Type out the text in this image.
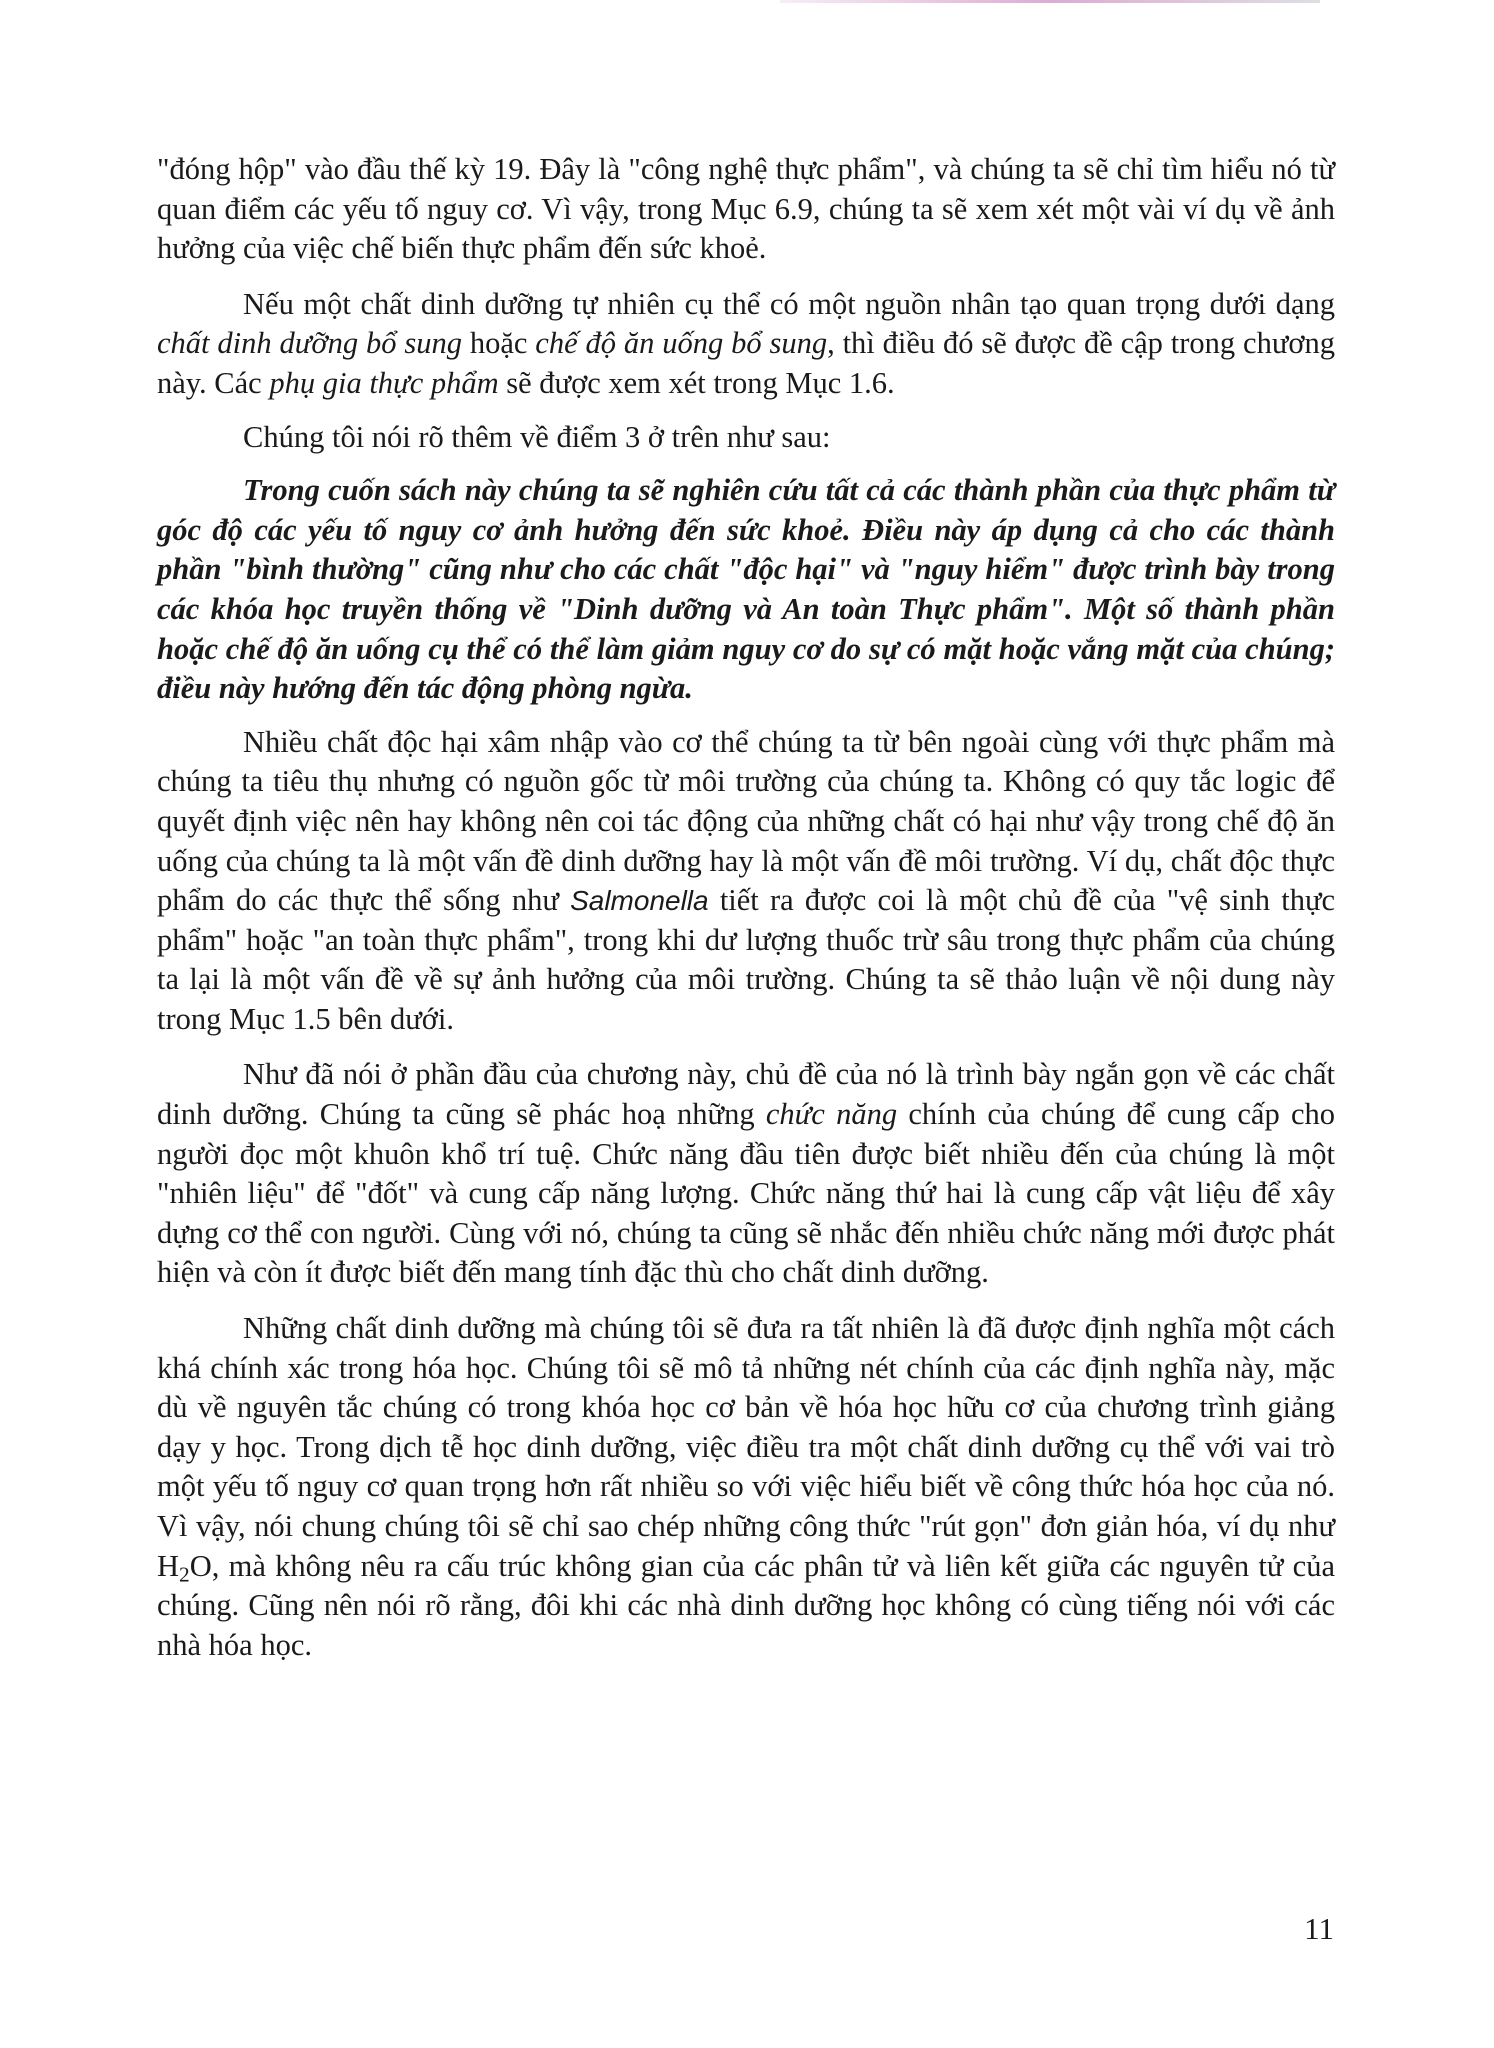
"đóng hộp" vào đầu thế kỳ 19. Đây là "công nghệ thực phẩm", và chúng ta sẽ chỉ tìm hiểu nó từ quan điểm các yếu tố nguy cơ. Vì vậy, trong Mục 6.9, chúng ta sẽ xem xét một vài ví dụ về ảnh hưởng của việc chế biến thực phẩm đến sức khoẻ.

Nếu một chất dinh dưỡng tự nhiên cụ thể có một nguồn nhân tạo quan trọng dưới dạng chất dinh dưỡng bổ sung hoặc chế độ ăn uống bổ sung, thì điều đó sẽ được đề cập trong chương này. Các phụ gia thực phẩm sẽ được xem xét trong Mục 1.6.

Chúng tôi nói rõ thêm về điểm 3 ở trên như sau:

Trong cuốn sách này chúng ta sẽ nghiên cứu tất cả các thành phần của thực phẩm từ góc độ các yếu tố nguy cơ ảnh hưởng đến sức khoẻ. Điều này áp dụng cả cho các thành phần "bình thường" cũng như cho các chất "độc hại" và "nguy hiểm" được trình bày trong các khóa học truyền thống về "Dinh dưỡng và An toàn Thực phẩm". Một số thành phần hoặc chế độ ăn uống cụ thể có thể làm giảm nguy cơ do sự có mặt hoặc vắng mặt của chúng; điều này hướng đến tác động phòng ngừa.

Nhiều chất độc hại xâm nhập vào cơ thể chúng ta từ bên ngoài cùng với thực phẩm mà chúng ta tiêu thụ nhưng có nguồn gốc từ môi trường của chúng ta. Không có quy tắc logic để quyết định việc nên hay không nên coi tác động của những chất có hại như vậy trong chế độ ăn uống của chúng ta là một vấn đề dinh dưỡng hay là một vấn đề môi trường. Ví dụ, chất độc thực phẩm do các thực thể sống như Salmonella tiết ra được coi là một chủ đề của "vệ sinh thực phẩm" hoặc "an toàn thực phẩm", trong khi dư lượng thuốc trừ sâu trong thực phẩm của chúng ta lại là một vấn đề về sự ảnh hưởng của môi trường. Chúng ta sẽ thảo luận về nội dung này trong Mục 1.5 bên dưới.

Như đã nói ở phần đầu của chương này, chủ đề của nó là trình bày ngắn gọn về các chất dinh dưỡng. Chúng ta cũng sẽ phác hoạ những chức năng chính của chúng để cung cấp cho người đọc một khuôn khổ trí tuệ. Chức năng đầu tiên được biết nhiều đến của chúng là một "nhiên liệu" để "đốt" và cung cấp năng lượng. Chức năng thứ hai là cung cấp vật liệu để xây dựng cơ thể con người. Cùng với nó, chúng ta cũng sẽ nhắc đến nhiều chức năng mới được phát hiện và còn ít được biết đến mang tính đặc thù cho chất dinh dưỡng.

Những chất dinh dưỡng mà chúng tôi sẽ đưa ra tất nhiên là đã được định nghĩa một cách khá chính xác trong hóa học. Chúng tôi sẽ mô tả những nét chính của các định nghĩa này, mặc dù về nguyên tắc chúng có trong khóa học cơ bản về hóa học hữu cơ của chương trình giảng dạy y học. Trong dịch tễ học dinh dưỡng, việc điều tra một chất dinh dưỡng cụ thể với vai trò một yếu tố nguy cơ quan trọng hơn rất nhiều so với việc hiểu biết về công thức hóa học của nó. Vì vậy, nói chung chúng tôi sẽ chỉ sao chép những công thức "rút gọn" đơn giản hóa, ví dụ như $H_2O$, mà không nêu ra cấu trúc không gian của các phân tử và liên kết giữa các nguyên tử của chúng. Cũng nên nói rõ rằng, đôi khi các nhà dinh dưỡng học không có cùng tiếng nói với các nhà hóa học.

11
